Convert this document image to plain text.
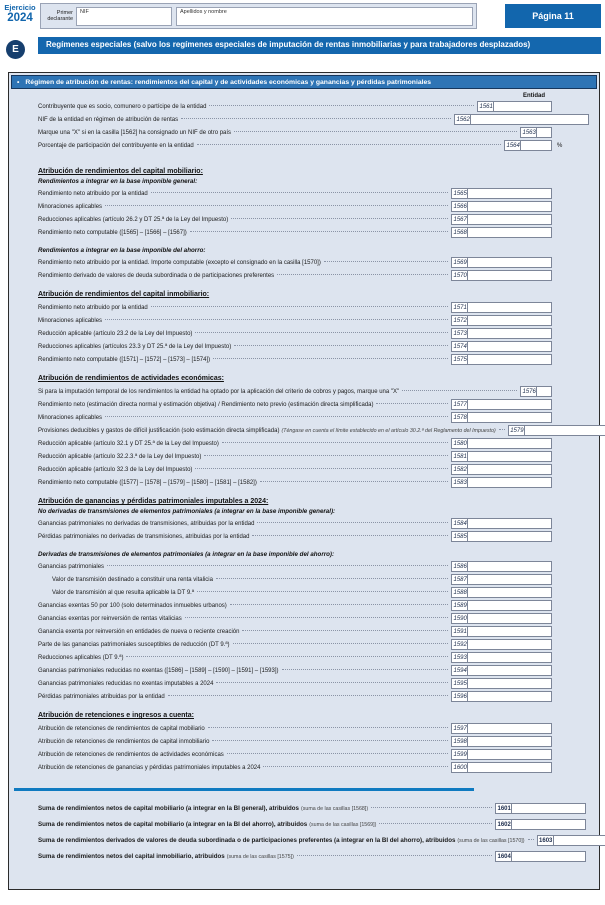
Ejercicio
2024	Primer declarante
NIF	Apellidos y nombre	Página 11
E	Regímenes especiales (salvo los regímenes especiales de imputación de rentas inmobiliarias y para trabajadores desplazados)
• Régimen de atribución de rentas: rendimientos del capital y de actividades económicas y ganancias y pérdidas patrimoniales
Entidad
Contribuyente que es socio, comunero o partícipe de la entidad	1561
NIF de la entidad en régimen de atribución de rentas	1562
Marque una "X" si en la casilla [1562] ha consignado un NIF de otro país	1563
Porcentaje de participación del contribuyente en la entidad	1564	%
Atribución de rendimientos del capital mobiliario:
Rendimientos a integrar en la base imponible general:
Rendimiento neto atribuido por la entidad	1565
Minoraciones aplicables	1566
Reducciones aplicables (artículo 26.2 y DT 25.ª de la Ley del Impuesto)	1567
Rendimiento neto computable ([1565] – [1566] – [1567])	1568
Rendimientos a integrar en la base imponible del ahorro:
Rendimiento neto atribuido por la entidad. Importe computable (excepto el consignado en la casilla [1570])	1569
Rendimiento derivado de valores de deuda subordinada o de participaciones preferentes	1570
Atribución de rendimientos del capital inmobiliario:
Rendimiento neto atribuido por la entidad	1571
Minoraciones aplicables	1572
Reducción aplicable (artículo 23.2 de la Ley del Impuesto)	1573
Reducciones aplicables (artículos 23.3 y DT 25.ª de la Ley del Impuesto)	1574
Rendimiento neto computable ([1571] – [1572] – [1573] – [1574])	1575
Atribución de rendimientos de actividades económicas:
Si para la imputación temporal de los rendimientos la entidad ha optado por la aplicación del criterio de cobros y pagos, marque una "X"	1576
Rendimiento neto (estimación directa normal y estimación objetiva) / Rendimiento neto previo (estimación directa simplificada)	1577
Minoraciones aplicables	1578
Provisiones deducibles y gastos de difícil justificación (solo estimación directa simplificada) (Téngase en cuenta el límite establecido en el artículo 30.2.ª del Reglamento del Impuesto)	1579
Reducción aplicable (artículo 32.1 y DT 25.ª de la Ley del Impuesto)	1580
Reducción aplicable (artículo 32.2.3.ª de la Ley del Impuesto)	1581
Reducción aplicable (artículo 32.3 de la Ley del Impuesto)	1582
Rendimiento neto computable ([1577] – [1578] – [1579] – [1580] – [1581] – [1582])	1583
Atribución de ganancias y pérdidas patrimoniales imputables a 2024:
No derivadas de transmisiones de elementos patrimoniales (a integrar en la base imponible general):
Ganancias patrimoniales no derivadas de transmisiones, atribuidas por la entidad	1584
Pérdidas patrimoniales no derivadas de transmisiones, atribuidas por la entidad	1585
Derivadas de transmisiones de elementos patrimoniales (a integrar en la base imponible del ahorro):
Ganancias patrimoniales	1586
Valor de transmisión destinado a constituir una renta vitalicia	1587
Valor de transmisión al que resulta aplicable la DT 9.ª	1588
Ganancias exentas 50 por 100 (solo determinados inmuebles urbanos)	1589
Ganancias exentas por reinversión de rentas vitalicias	1590
Ganancia exenta por reinversión en entidades de nueva o reciente creación	1591
Parte de las ganancias patrimoniales susceptibles de reducción (DT 9.ª)	1592
Reducciones aplicables (DT 9.ª)	1593
Ganancias patrimoniales reducidas no exentas ([1586] – [1589] – [1590] – [1591] – [1593])	1594
Ganancias patrimoniales reducidas no exentas imputables a 2024	1595
Pérdidas patrimoniales atribuidas por la entidad	1596
Atribución de retenciones e ingresos a cuenta:
Atribución de retenciones de rendimientos de capital mobiliario	1597
Atribución de retenciones de rendimientos de capital inmobiliario	1598
Atribución de retenciones de rendimientos de actividades económicas	1599
Atribución de retenciones de ganancias y pérdidas patrimoniales imputables a 2024	1600
Suma de rendimientos netos de capital mobiliario (a integrar en la BI general), atribuidos (suma de las casillas [1568])	1601
Suma de rendimientos netos de capital mobiliario (a integrar en la BI del ahorro), atribuidos (suma de las casillas [1569])	1602
Suma de rendimientos derivados de valores de deuda subordinada o de participaciones preferentes (a integrar en la BI del ahorro), atribuidos (suma de las casillas [1570])	1603
Suma de rendimientos netos del capital inmobiliario, atribuidos (suma de las casillas [1575])	1604
